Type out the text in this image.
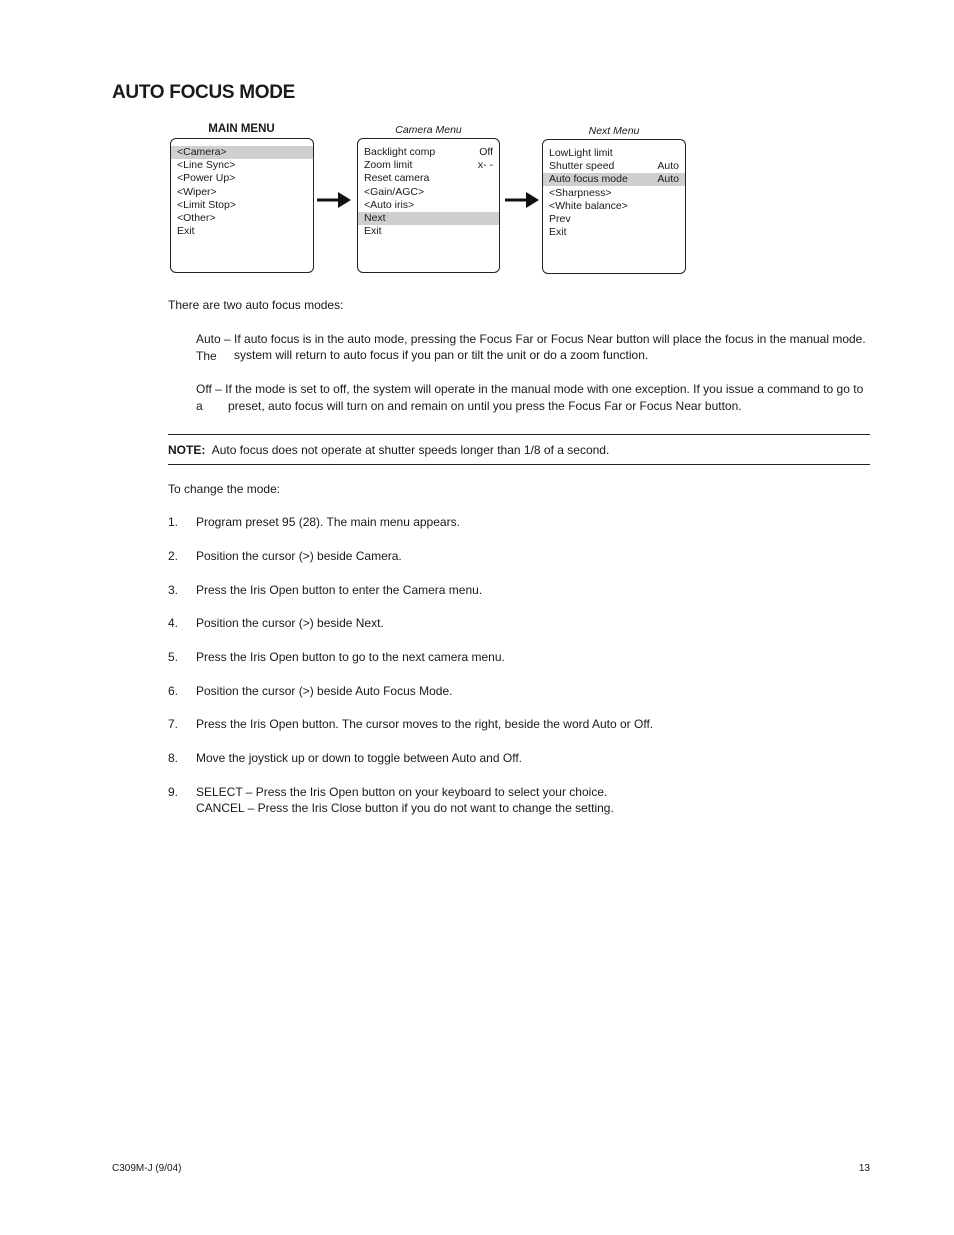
AUTO FOCUS MODE
MAIN MENU	Camera Menu	Next Menu
<Camera>
<Line Sync>
<Power Up>
<Wiper>
<Limit Stop>
<Other>
Exit
Backlight comp	Off
Zoom limit	x- -
Reset camera
<Gain/AGC>
<Auto iris>
Next
Exit
LowLight limit
Shutter speed	Auto
Auto focus mode	Auto
<Sharpness>
<White balance>
Prev
Exit
There are two auto focus modes:
Auto – If auto focus is in the auto mode, pressing the Focus Far or Focus Near button will place the focus in the manual mode. The	system will return to auto focus if you pan or tilt the unit or do a zoom function.
Off – If the mode is set to off, the system will operate in the manual mode with one exception. If you issue a command to go to a	preset, auto focus will turn on and remain on until you press the Focus Far or Focus Near button.
NOTE: Auto focus does not operate at shutter speeds longer than 1/8 of a second.
To change the mode:
1. Program preset 95 (28). The main menu appears.
2. Position the cursor (>) beside Camera.
3. Press the Iris Open button to enter the Camera menu.
4. Position the cursor (>) beside Next.
5. Press the Iris Open button to go to the next camera menu.
6. Position the cursor (>) beside Auto Focus Mode.
7. Press the Iris Open button. The cursor moves to the right, beside the word Auto or Off.
8. Move the joystick up or down to toggle between Auto and Off.
9. SELECT – Press the Iris Open button on your keyboard to select your choice.
CANCEL – Press the Iris Close button if you do not want to change the setting.
C309M-J (9/04)	13
